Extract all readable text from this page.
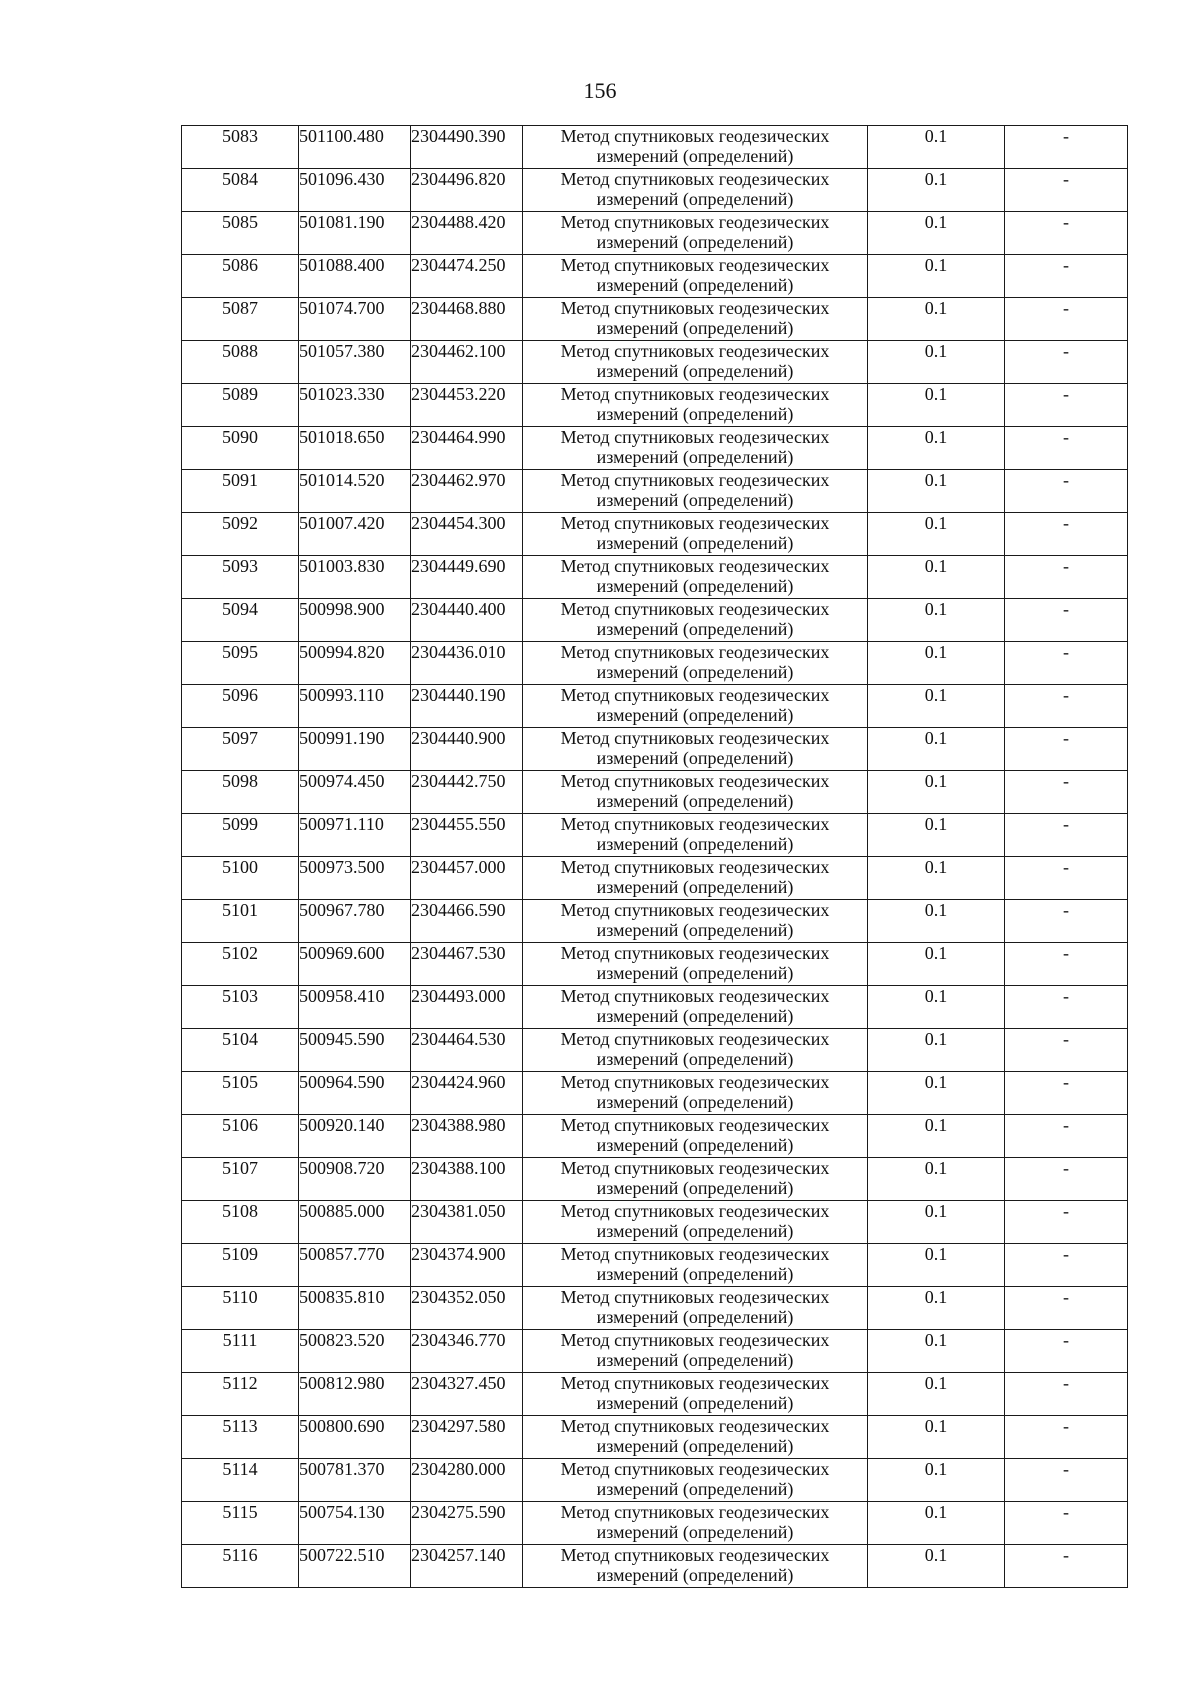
156
5083	501100.480	2304490.390	Метод спутниковых геодезических
измерений (определений)	0.1	-
5084	501096.430	2304496.820	Метод спутниковых геодезических
измерений (определений)	0.1	-
5085	501081.190	2304488.420	Метод спутниковых геодезических
измерений (определений)	0.1	-
5086	501088.400	2304474.250	Метод спутниковых геодезических
измерений (определений)	0.1	-
5087	501074.700	2304468.880	Метод спутниковых геодезических
измерений (определений)	0.1	-
5088	501057.380	2304462.100	Метод спутниковых геодезических
измерений (определений)	0.1	-
5089	501023.330	2304453.220	Метод спутниковых геодезических
измерений (определений)	0.1	-
5090	501018.650	2304464.990	Метод спутниковых геодезических
измерений (определений)	0.1	-
5091	501014.520	2304462.970	Метод спутниковых геодезических
измерений (определений)	0.1	-
5092	501007.420	2304454.300	Метод спутниковых геодезических
измерений (определений)	0.1	-
5093	501003.830	2304449.690	Метод спутниковых геодезических
измерений (определений)	0.1	-
5094	500998.900	2304440.400	Метод спутниковых геодезических
измерений (определений)	0.1	-
5095	500994.820	2304436.010	Метод спутниковых геодезических
измерений (определений)	0.1	-
5096	500993.110	2304440.190	Метод спутниковых геодезических
измерений (определений)	0.1	-
5097	500991.190	2304440.900	Метод спутниковых геодезических
измерений (определений)	0.1	-
5098	500974.450	2304442.750	Метод спутниковых геодезических
измерений (определений)	0.1	-
5099	500971.110	2304455.550	Метод спутниковых геодезических
измерений (определений)	0.1	-
5100	500973.500	2304457.000	Метод спутниковых геодезических
измерений (определений)	0.1	-
5101	500967.780	2304466.590	Метод спутниковых геодезических
измерений (определений)	0.1	-
5102	500969.600	2304467.530	Метод спутниковых геодезических
измерений (определений)	0.1	-
5103	500958.410	2304493.000	Метод спутниковых геодезических
измерений (определений)	0.1	-
5104	500945.590	2304464.530	Метод спутниковых геодезических
измерений (определений)	0.1	-
5105	500964.590	2304424.960	Метод спутниковых геодезических
измерений (определений)	0.1	-
5106	500920.140	2304388.980	Метод спутниковых геодезических
измерений (определений)	0.1	-
5107	500908.720	2304388.100	Метод спутниковых геодезических
измерений (определений)	0.1	-
5108	500885.000	2304381.050	Метод спутниковых геодезических
измерений (определений)	0.1	-
5109	500857.770	2304374.900	Метод спутниковых геодезических
измерений (определений)	0.1	-
5110	500835.810	2304352.050	Метод спутниковых геодезических
измерений (определений)	0.1	-
5111	500823.520	2304346.770	Метод спутниковых геодезических
измерений (определений)	0.1	-
5112	500812.980	2304327.450	Метод спутниковых геодезических
измерений (определений)	0.1	-
5113	500800.690	2304297.580	Метод спутниковых геодезических
измерений (определений)	0.1	-
5114	500781.370	2304280.000	Метод спутниковых геодезических
измерений (определений)	0.1	-
5115	500754.130	2304275.590	Метод спутниковых геодезических
измерений (определений)	0.1	-
5116	500722.510	2304257.140	Метод спутниковых геодезических
измерений (определений)	0.1	-
